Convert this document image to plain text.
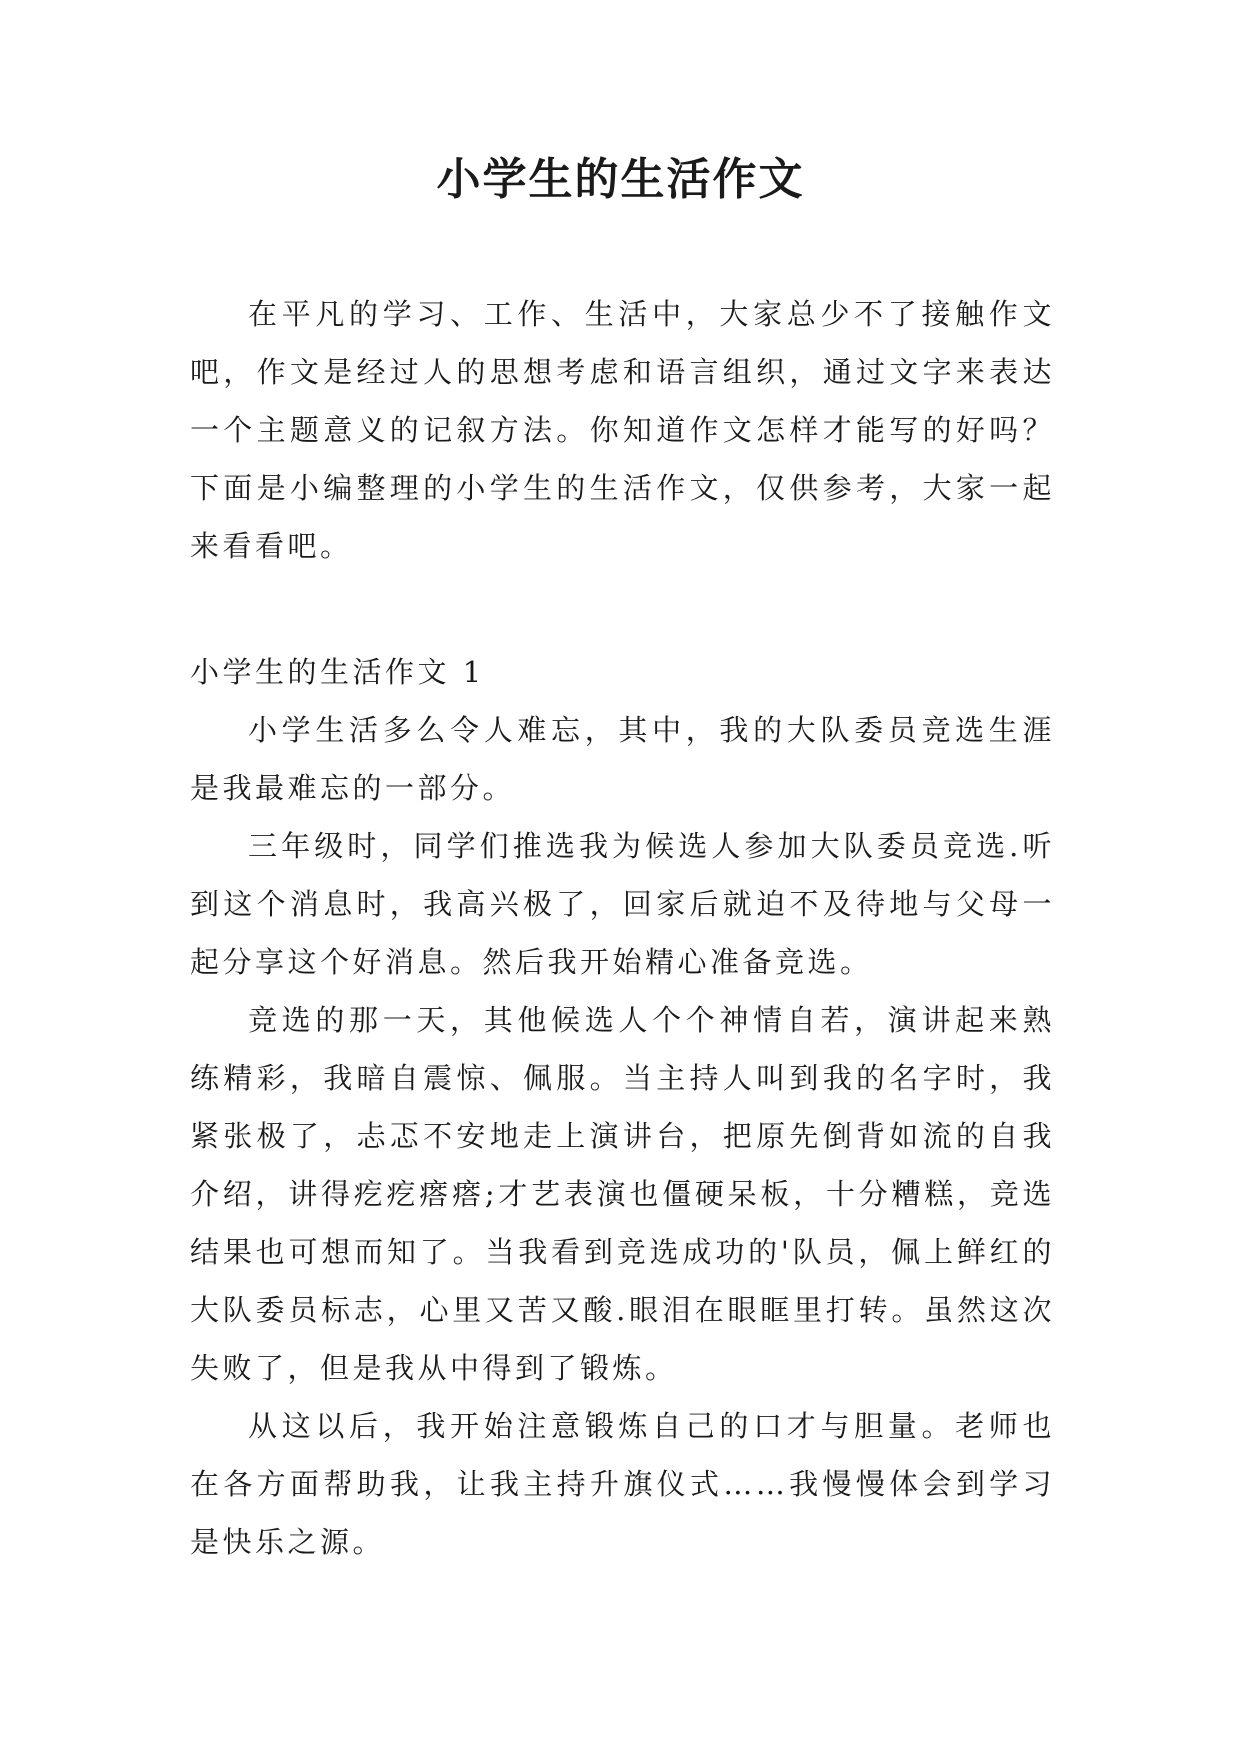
小学生的生活作文

在平凡的学习、工作、生活中，大家总少不了接触作文吧，作文是经过人的思想考虑和语言组织，通过文字来表达一个主题意义的记叙方法。你知道作文怎样才能写的好吗？下面是小编整理的小学生的生活作文，仅供参考，大家一起来看看吧。

小学生的生活作文 1

小学生活多么令人难忘，其中，我的大队委员竞选生涯是我最难忘的一部分。

三年级时，同学们推选我为候选人参加大队委员竞选.听到这个消息时，我高兴极了，回家后就迫不及待地与父母一起分享这个好消息。然后我开始精心准备竞选。

竞选的那一天，其他候选人个个神情自若，演讲起来熟练精彩，我暗自震惊、佩服。当主持人叫到我的名字时，我紧张极了，忐忑不安地走上演讲台，把原先倒背如流的自我介绍，讲得疙疙瘩瘩;才艺表演也僵硬呆板，十分糟糕，竞选结果也可想而知了。当我看到竞选成功的'队员，佩上鲜红的大队委员标志，心里又苦又酸.眼泪在眼眶里打转。虽然这次失败了，但是我从中得到了锻炼。

从这以后，我开始注意锻炼自己的口才与胆量。老师也在各方面帮助我，让我主持升旗仪式……我慢慢体会到学习是快乐之源。
